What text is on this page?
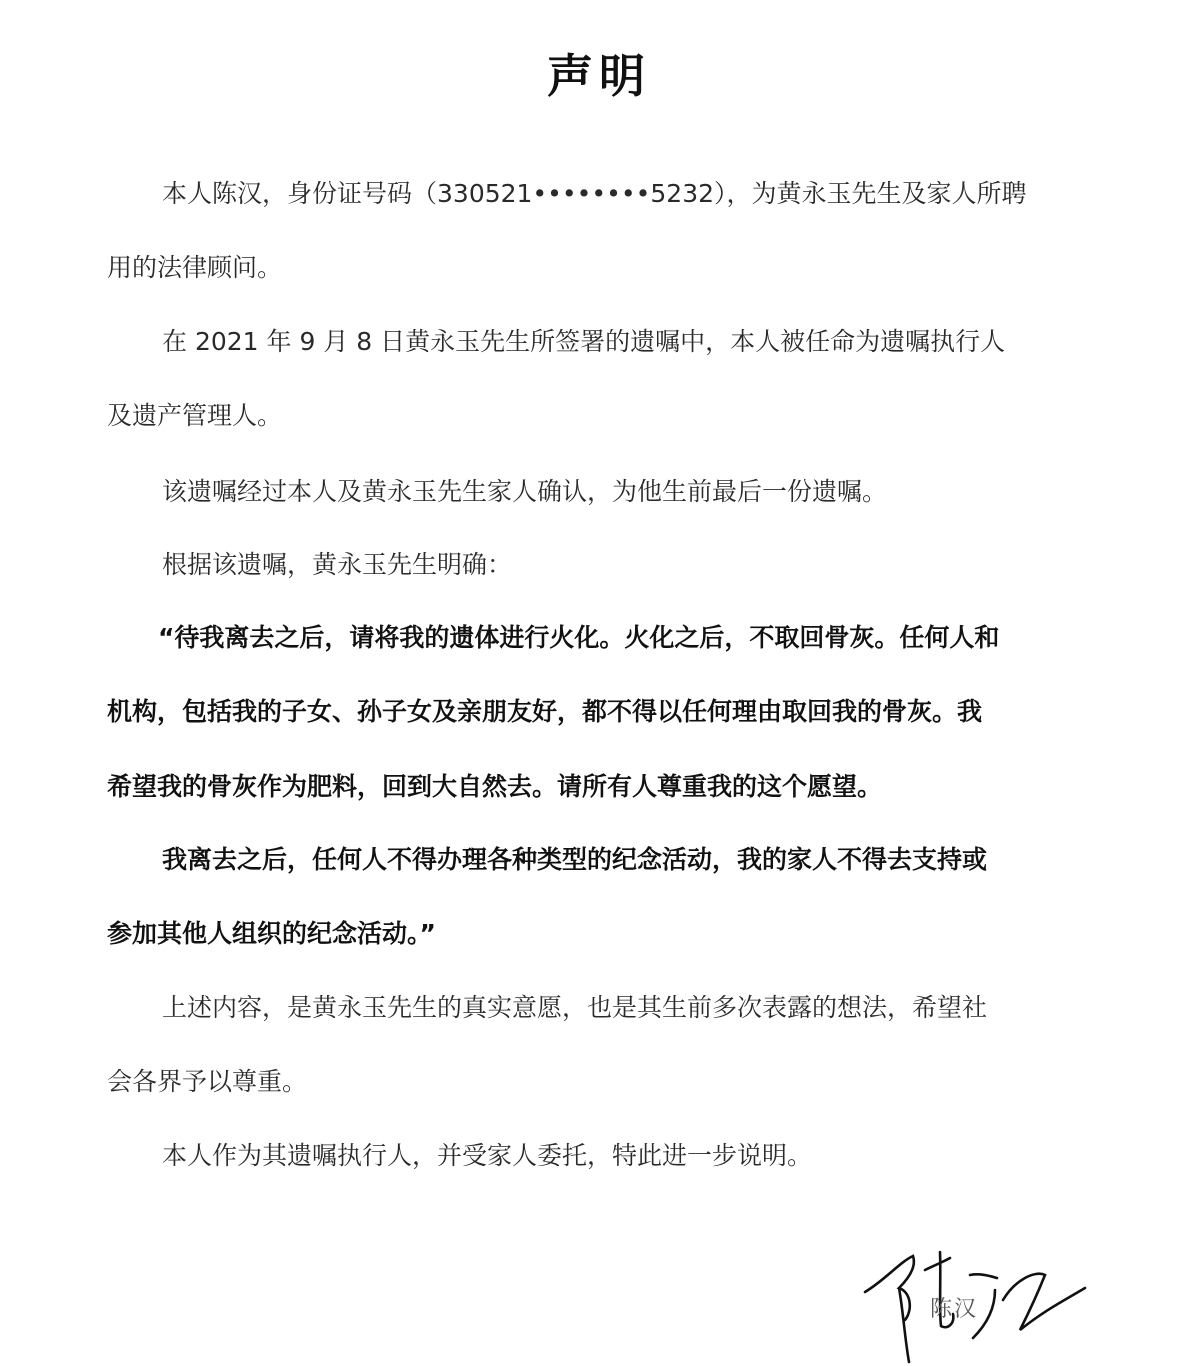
声明
本人陈汉，身份证号码（330521••••••••5232），为黄永玉先生及家人所聘
用的法律顾问。
在 2021 年 9 月 8 日黄永玉先生所签署的遗嘱中，本人被任命为遗嘱执行人
及遗产管理人。
该遗嘱经过本人及黄永玉先生家人确认，为他生前最后一份遗嘱。
根据该遗嘱，黄永玉先生明确：
“待我离去之后，请将我的遗体进行火化。火化之后，不取回骨灰。任何人和
机构，包括我的子女、孙子女及亲朋友好，都不得以任何理由取回我的骨灰。我
希望我的骨灰作为肥料，回到大自然去。请所有人尊重我的这个愿望。
我离去之后，任何人不得办理各种类型的纪念活动，我的家人不得去支持或
参加其他人组织的纪念活动。”
上述内容，是黄永玉先生的真实意愿，也是其生前多次表露的想法，希望社
会各界予以尊重。
本人作为其遗嘱执行人，并受家人委托，特此进一步说明。
陈汉
